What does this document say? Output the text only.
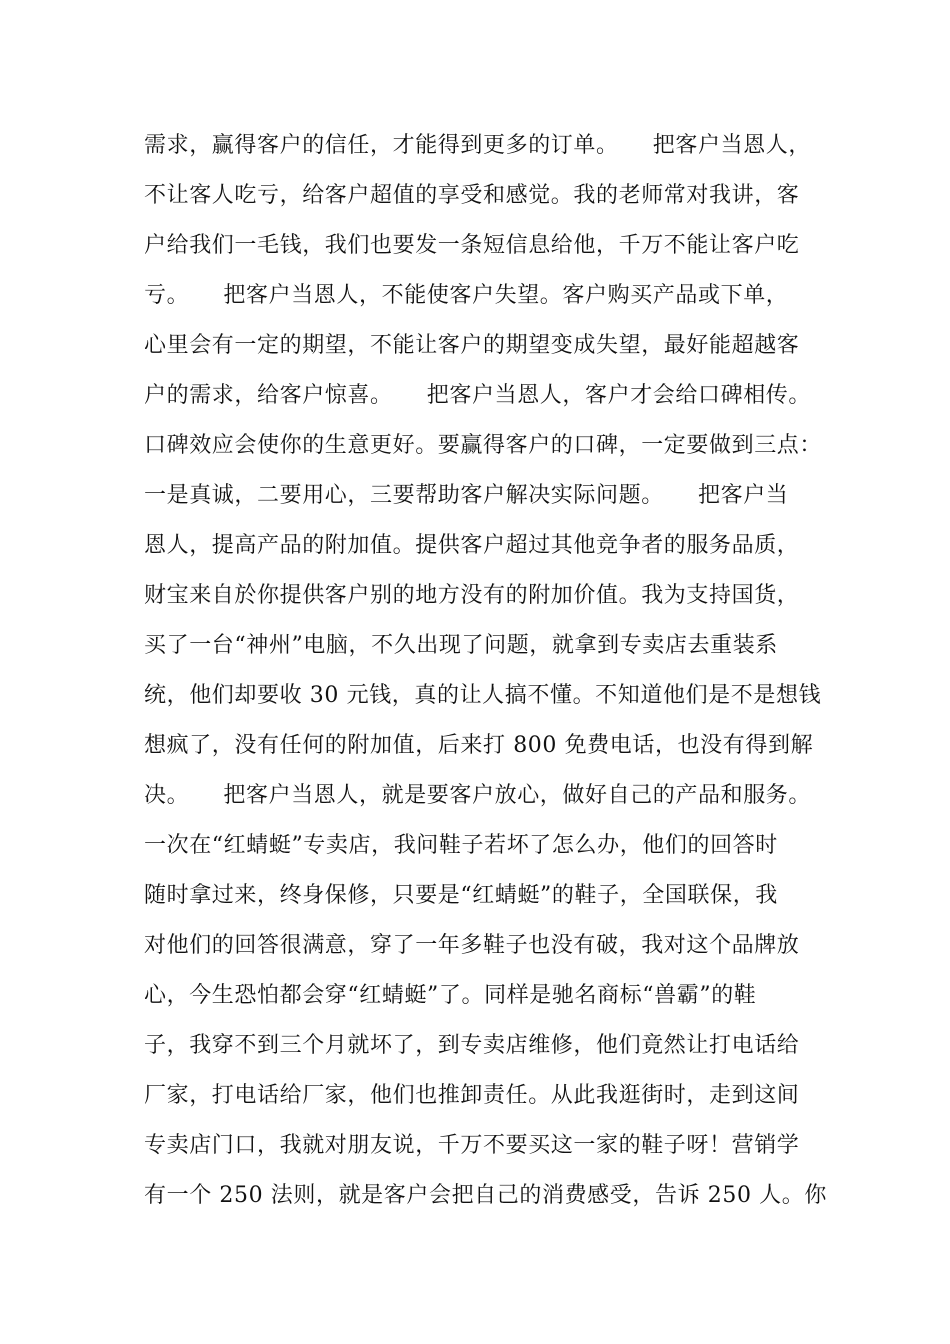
需求，赢得客户的信任，才能得到更多的订单。　　把客户当恩人，
不让客人吃亏，给客户超值的享受和感觉。我的老师常对我讲，客
户给我们一毛钱，我们也要发一条短信息给他，千万不能让客户吃
亏。　　把客户当恩人，不能使客户失望。客户购买产品或下单，
心里会有一定的期望，不能让客户的期望变成失望，最好能超越客
户的需求，给客户惊喜。　　把客户当恩人，客户才会给口碑相传。
口碑效应会使你的生意更好。要赢得客户的口碑，一定要做到三点：
一是真诚，二要用心，三要帮助客户解决实际问题。　　把客户当
恩人，提高产品的附加值。提供客户超过其他竞争者的服务品质，
财宝来自於你提供客户别的地方没有的附加价值。我为支持国货，
买了一台“神州”电脑，不久出现了问题，就拿到专卖店去重装系
统，他们却要收 30 元钱，真的让人搞不懂。不知道他们是不是想钱
想疯了，没有任何的附加值，后来打 800 免费电话，也没有得到解
决。　　把客户当恩人，就是要客户放心，做好自己的产品和服务。
一次在“红蜻蜓”专卖店，我问鞋子若坏了怎么办，他们的回答时
随时拿过来，终身保修，只要是“红蜻蜓”的鞋子，全国联保，我
对他们的回答很满意，穿了一年多鞋子也没有破，我对这个品牌放
心，今生恐怕都会穿“红蜻蜓”了。同样是驰名商标“兽霸”的鞋
子，我穿不到三个月就坏了，到专卖店维修，他们竟然让打电话给
厂家，打电话给厂家，他们也推卸责任。从此我逛街时，走到这间
专卖店门口，我就对朋友说，千万不要买这一家的鞋子呀！营销学
有一个 250 法则，就是客户会把自己的消费感受，告诉 250 人。你
